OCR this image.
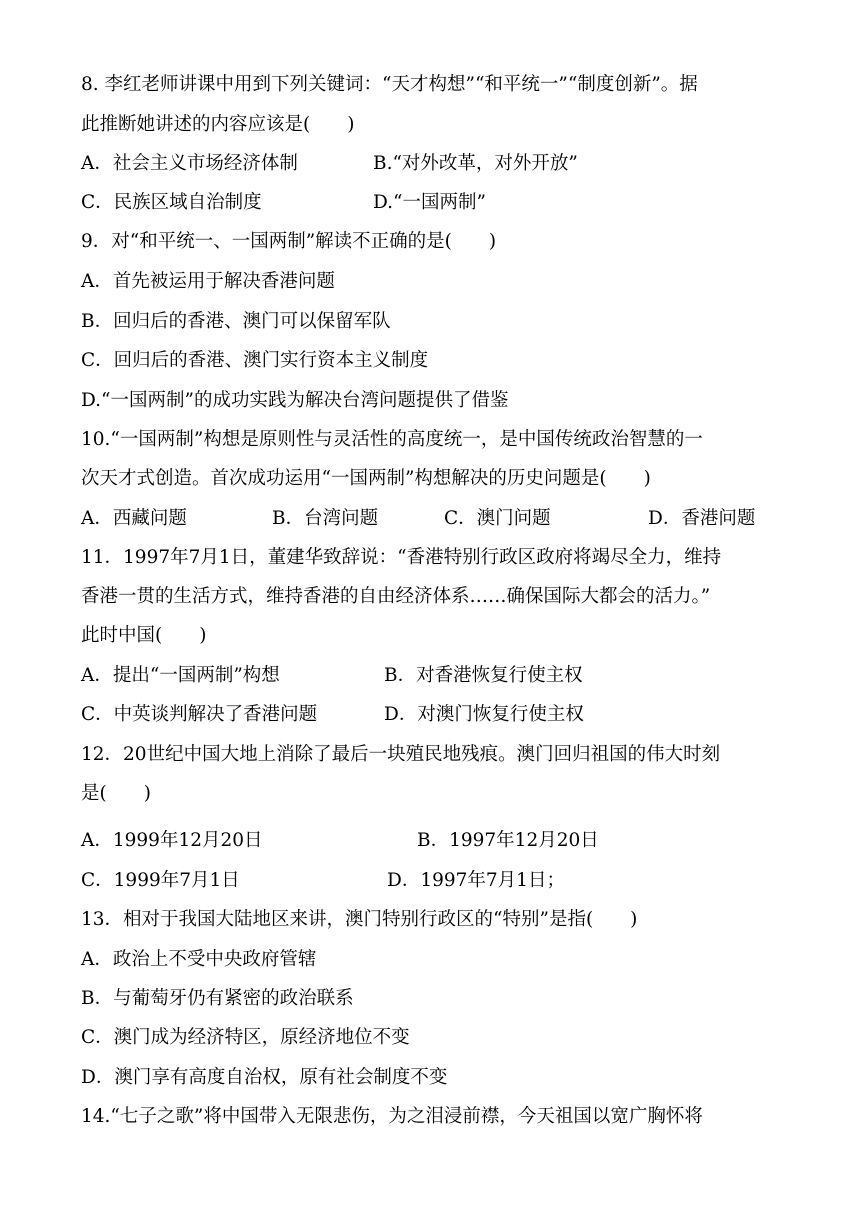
8. 李红老师讲课中用到下列关键词：“天才构想”“和平统一”“制度创新”。据
此推断她讲述的内容应该是(　　)
A．社会主义市场经济体制	B.“对外改革，对外开放”
C．民族区域自治制度	D.“一国两制”
9．对“和平统一、一国两制”解读不正确的是(　　)
A．首先被运用于解决香港问题
B．回归后的香港、澳门可以保留军队
C．回归后的香港、澳门实行资本主义制度
D.“一国两制”的成功实践为解决台湾问题提供了借鉴
10.“一国两制”构想是原则性与灵活性的高度统一，是中国传统政治智慧的一
次天才式创造。首次成功运用“一国两制”构想解决的历史问题是(　　)
A．西藏问题	B．台湾问题	C．澳门问题	D．香港问题
11．1997年7月1日，董建华致辞说：“香港特别行政区政府将竭尽全力，维持
香港一贯的生活方式，维持香港的自由经济体系……确保国际大都会的活力。”
此时中国(　　)
A．提出“一国两制”构想	B．对香港恢复行使主权
C．中英谈判解决了香港问题	D．对澳门恢复行使主权
12．20世纪中国大地上消除了最后一块殖民地残痕。澳门回归祖国的伟大时刻
是(　　)
A．1999年12月20日	B．1997年12月20日
C．1999年7月1日	D．1997年7月1日；
13．相对于我国大陆地区来讲，澳门特别行政区的“特别”是指(　　)
A．政治上不受中央政府管辖
B．与葡萄牙仍有紧密的政治联系
C．澳门成为经济特区，原经济地位不变
D．澳门享有高度自治权，原有社会制度不变
14.“七子之歌”将中国带入无限悲伤，为之泪浸前襟，今天祖国以宽广胸怀将
